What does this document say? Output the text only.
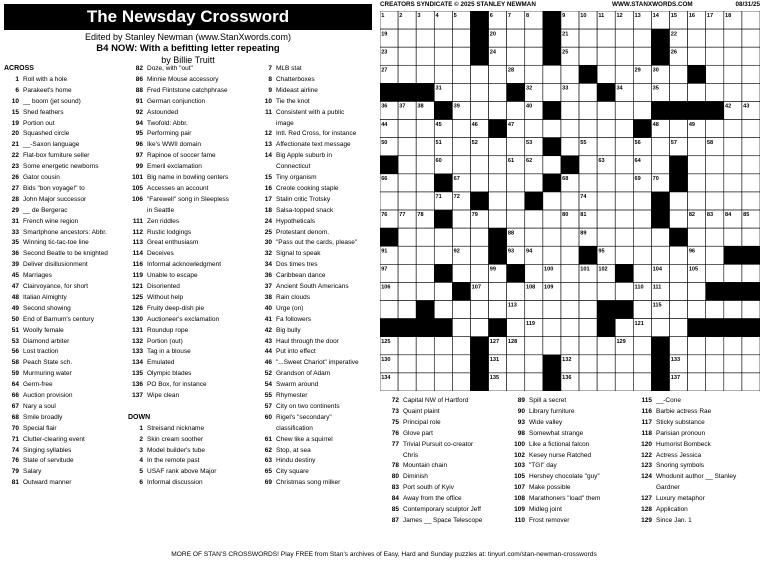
The Newsday Crossword
Edited by Stanley Newman (www.StanXwords.com)
B4 NOW: With a befitting letter repeating
by Billie Truitt
CREATORS SYNDICATE © 2025 STANLEY NEWMAN	WWW.STANXWORDS.COM	08/31/25
1	2	3	4	5	6	7	8	9	10 11 12 13 14 15 16 17 18
19	20	21	22
23	24	25	26
27	28	29 30
31	32	33	34	35
36 37 38	39	40	41	42 43
44	45	46	47	48	49
50	51	52	53 54	55	56	57	58
59	60	61 62	63	64	65
66	67	68	69 70
71 72	73	74	75
76 77 78	79	80 81	82 83 84 85
86	87 88	89	90
91	92	93 94	95	96
97	98	99	100	101 102 103	104	105
106	107	108 109	110 111
112	113	114	115
116 117 118	119	120	121	122 123 124
125	126 127 128	129
130	131	132	133
134	135	136	137
ACROSS
1 Roll with a hole
6 Parakeet's home
10 __ boom (jet sound)
15 Shed feathers
19 Portion out
20 Squashed circle
21 __-Saxon language
22 Flat-box furniture seller
23 Some energetic newborns
26 Gator cousin
27 Bids "bon voyage!" to
28 John Major successor
29 __ de Bergerac
31 French wine region
33 Smartphone ancestors: Abbr.
35 Winning tic-tac-toe line
36 Second Beatle to be knighted
39 Deliver disillusionment
45 Marriages
47 Clairvoyance, for short
48 Italian Almighty
49 Second showing
50 End of Barnum's century
51 Woolly female
53 Diamond arbiter
56 Lost traction
58 Peach State sch.
59 Murmuring water
64 Germ-free
66 Auction provision
67 Nary a soul
68 Smile broadly
70 Special flair
71 Clutter-clearing event
74 Singing syllables
76 State of servitude
79 Salary
81 Outward manner
82 Doze, with "out"
86 Minnie Mouse accessory
88 Fred Flintstone catchphrase
91 German conjunction
92 Astounded
94 Twofold: Abbr.
95 Performing pair
96 Ike's WWII domain
97 Rapinoe of soccer fame
99 Emeril exclamation
101 Big name in bowling centers
105 Accesses an account
106 "Farewell" song in Sleepless
in Seattle
111 Zen riddles
112 Rustic lodgings
113 Great enthusiasm
114 Deceives
116 Informal acknowledgment
119 Unable to escape
121 Disoriented
125 Without help
126 Fruity deep-dish pie
130 Auctioneer's exclamation
131 Roundup rope
132 Portion (out)
133 Tag in a blouse
134 Emulated
135 Olympic blades
136 PO Box, for instance
137 Wipe clean
DOWN
1 Streisand nickname
2 Skin cream soother
3 Model builder's tube
4 In the remote past
5 USAF rank above Major
6 Informal discussion
7 MLB stat
8 Chatterboxes
9 Mideast airline
10 Tie the knot
11 Consistent with a public
image
12 Intl. Red Cross, for instance
13 Affectionate text message
14 Big Apple suburb in
Connecticut
15 Tiny organism
16 Creole cooking staple
17 Stalin critic Trotsky
18 Salsa-topped snack
24 Hypotheticals
25 Protestant denom.
30 "Pass out the cards, please"
32 Signal to speak
34 Dos times tres
36 Caribbean dance
37 Ancient South Americans
38 Rain clouds
40 Urge (on)
41 Fa followers
42 Big bully
43 Haul through the door
44 Put into effect
46 "...Sweet Chariot" imperative
52 Grandson of Adam
54 Swarm around
55 Rhymester
57 City on two continents
60 Rigel's "secondary"
classification
61 Chew like a squirrel
62 Stop, at sea
63 Hindu destiny
65 City square
69 Christmas song milker
72 Capital NW of Hartford
73 Quaint plaint
75 Principal role
76 Glove part
77 Trivial Pursuit co-creator
Chris
78 Mountain chain
80 Diminish
83 Port south of Kyiv
84 Away from the office
85 Contemporary sculptor Jeff
87 James __ Space Telescope
89 Spill a secret
90 Library furniture
93 Wide valley
98 Somewhat strange
100 Like a fictional falcon
102 Kesey nurse Ratched
103 "TGI" day
105 Hershey chocolate "guy"
107 Make possible
108 Marathoners "load" them
109 Midleg joint
110 Frost remover
115 __-Cone
116 Barbie actress Rae
117 Sticky substance
118 Parisian pronoun
120 Humorist Bombeck
122 Actress Jessica
123 Snoring symbols
124 Whodunit author __ Stanley
Gardner
127 Luxury metaphor
128 Application
129 Since Jan. 1
MORE OF STAN'S CROSSWORDS! Play FREE from Stan's archives of Easy, Hard and Sunday puzzles at: tinyurl.com/stan-newman-crosswords
